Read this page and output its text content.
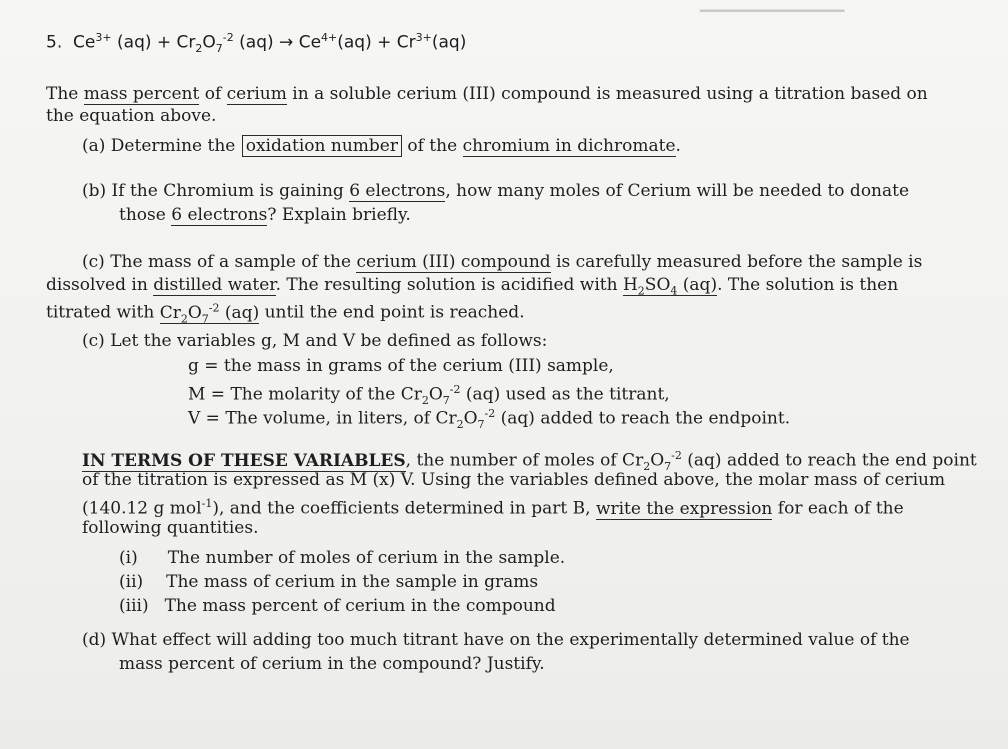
━━━━━━━━━━━━━━━━
5. $Ce^{3+}$ $(aq) + Cr_2O_7^{-2}$ $(aq) \to Ce^{4+}(aq) + Cr^{3+}(aq)$
The mass percent of cerium in a soluble cerium (III) compound is measured using a titration based on
the equation above.
(a) Determine the oxidation number of the chromium in dichromate.
(b) If the Chromium is gaining 6 electrons, how many moles of Cerium will be needed to donate
those 6 electrons? Explain briefly.
(c) The mass of a sample of the cerium (III) compound is carefully measured before the sample is
dissolved in distilled water. The resulting solution is acidified with $H_2SO_4$ (aq). The solution is then
titrated with $Cr_2O_7^{-2}$ (aq) until the end point is reached.
(c) Let the variables g, M and V be defined as follows:
g = the mass in grams of the cerium (III) sample,
M = The molarity of the $Cr_2O_7^{-2}$ (aq) used as the titrant,
V = The volume, in liters, of $Cr_2O_7^{-2}$ (aq) added to reach the endpoint.
IN TERMS OF THESE VARIABLES, the number of moles of $Cr_2O_7^{-2}$ (aq) added to reach the end point
of the titration is expressed as M (x) V. Using the variables defined above, the molar mass of cerium
(140.12 g mol$^{-1}$), and the coefficients determined in part B, write the expression for each of the
following quantities.
(i) The number of moles of cerium in the sample.
(ii) The mass of cerium in the sample in grams
(iii) The mass percent of cerium in the compound
(d) What effect will adding too much titrant have on the experimentally determined value of the
mass percent of cerium in the compound? Justify.
